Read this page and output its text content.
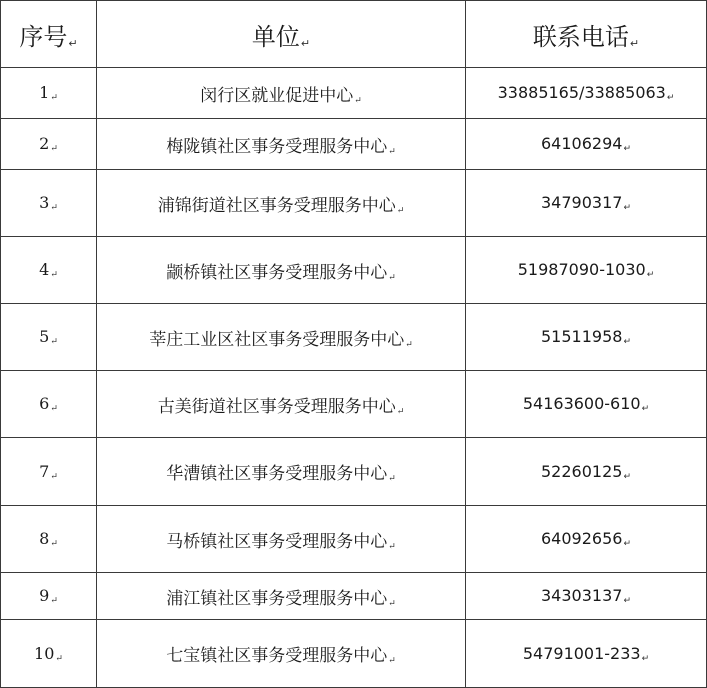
序号↵	单位↵	联系电话↵
1↵	闵行区就业促进中心↵	33885165/33885063↵
2↵	梅陇镇社区事务受理服务中心↵	64106294↵
3↵	浦锦街道社区事务受理服务中心↵	34790317↵
4↵	颛桥镇社区事务受理服务中心↵	51987090-1030↵
5↵	莘庄工业区社区事务受理服务中心↵	51511958↵
6↵	古美街道社区事务受理服务中心↵	54163600-610↵
7↵	华漕镇社区事务受理服务中心↵	52260125↵
8↵	马桥镇社区事务受理服务中心↵	64092656↵
9↵	浦江镇社区事务受理服务中心↵	34303137↵
10↵	七宝镇社区事务受理服务中心↵	54791001-233↵
